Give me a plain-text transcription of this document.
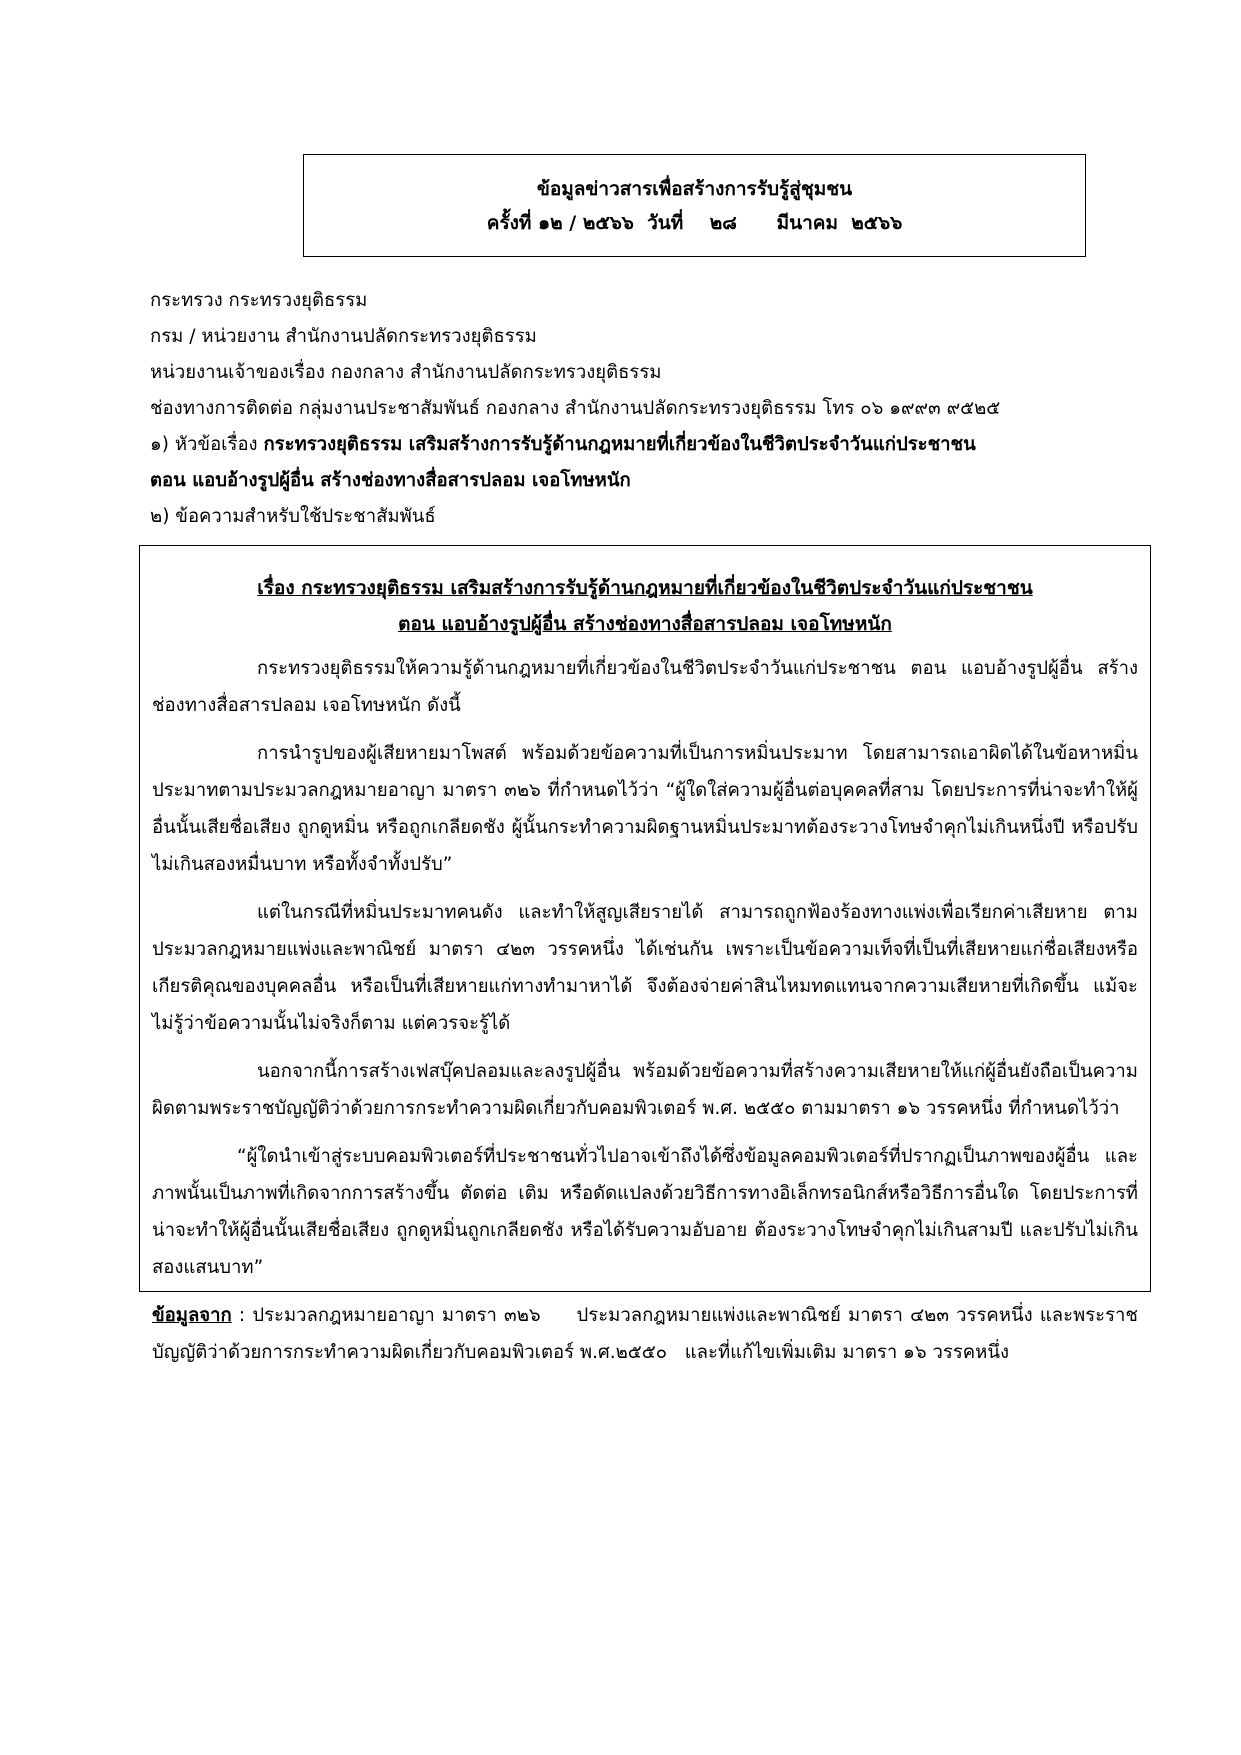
ข้อมูลข่าวสารเพื่อสร้างการรับรู้สู่ชุมชน
ครั้งที่ ๑๒ / ๒๕๖๖  วันที่    ๒๘      มีนาคม  ๒๕๖๖
กระทรวง กระทรวงยุติธรรม
กรม / หน่วยงาน สำนักงานปลัดกระทรวงยุติธรรม
หน่วยงานเจ้าของเรื่อง กองกลาง สำนักงานปลัดกระทรวงยุติธรรม
ช่องทางการติดต่อ กลุ่มงานประชาสัมพันธ์ กองกลาง สำนักงานปลัดกระทรวงยุติธรรม โทร ๐๖ ๑๙๙๓ ๙๕๒๕
๑) หัวข้อเรื่อง กระทรวงยุติธรรม เสริมสร้างการรับรู้ด้านกฎหมายที่เกี่ยวข้องในชีวิตประจำวันแก่ประชาชน
ตอน แอบอ้างรูปผู้อื่น สร้างช่องทางสื่อสารปลอม เจอโทษหนัก
๒) ข้อความสำหรับใช้ประชาสัมพันธ์
เรื่อง กระทรวงยุติธรรม เสริมสร้างการรับรู้ด้านกฎหมายที่เกี่ยวข้องในชีวิตประจำวันแก่ประชาชน
ตอน แอบอ้างรูปผู้อื่น สร้างช่องทางสื่อสารปลอม เจอโทษหนัก

กระทรวงยุติธรรมให้ความรู้ด้านกฎหมายที่เกี่ยวข้องในชีวิตประจำวันแก่ประชาชน ตอน แอบอ้างรูปผู้อื่น สร้างช่องทางสื่อสารปลอม เจอโทษหนัก ดังนี้

การนำรูปของผู้เสียหายมาโพสต์ พร้อมด้วยข้อความที่เป็นการหมิ่นประมาท โดยสามารถเอาผิดได้ในข้อหาหมิ่นประมาทตามประมวลกฎหมายอาญา มาตรา ๓๒๖ ที่กำหนดไว้ว่า “ผู้ใดใส่ความผู้อื่นต่อบุคคลที่สาม โดยประการที่น่าจะทำให้ผู้อื่นนั้นเสียชื่อเสียง ถูกดูหมิ่น หรือถูกเกลียดชัง ผู้นั้นกระทำความผิดฐานหมิ่นประมาทต้องระวางโทษจำคุกไม่เกินหนึ่งปี หรือปรับไม่เกินสองหมื่นบาท หรือทั้งจำทั้งปรับ”

แต่ในกรณีที่หมิ่นประมาทคนดัง และทำให้สูญเสียรายได้ สามารถถูกฟ้องร้องทางแพ่งเพื่อเรียกค่าเสียหาย ตามประมวลกฎหมายแพ่งและพาณิชย์ มาตรา ๔๒๓ วรรคหนึ่ง ได้เช่นกัน เพราะเป็นข้อความเท็จที่เป็นที่เสียหายแก่ชื่อเสียงหรือเกียรติคุณของบุคคลอื่น หรือเป็นที่เสียหายแก่ทางทำมาหาได้ จึงต้องจ่ายค่าสินไหมทดแทนจากความเสียหายที่เกิดขึ้น แม้จะไม่รู้ว่าข้อความนั้นไม่จริงก็ตาม แต่ควรจะรู้ได้

นอกจากนี้การสร้างเฟสบุ๊คปลอมและลงรูปผู้อื่น พร้อมด้วยข้อความที่สร้างความเสียหายให้แก่ผู้อื่นยังถือเป็นความผิดตามพระราชบัญญัติว่าด้วยการกระทำความผิดเกี่ยวกับคอมพิวเตอร์ พ.ศ. ๒๕๕๐ ตามมาตรา ๑๖ วรรคหนึ่ง ที่กำหนดไว้ว่า

“ผู้ใดนำเข้าสู่ระบบคอมพิวเตอร์ที่ประชาชนทั่วไปอาจเข้าถึงได้ซึ่งข้อมูลคอมพิวเตอร์ที่ปรากฏเป็นภาพของผู้อื่น และภาพนั้นเป็นภาพที่เกิดจากการสร้างขึ้น ตัดต่อ เติม หรือดัดแปลงด้วยวิธีการทางอิเล็กทรอนิกส์หรือวิธีการอื่นใด โดยประการที่น่าจะทำให้ผู้อื่นนั้นเสียชื่อเสียง ถูกดูหมิ่นถูกเกลียดชัง หรือได้รับความอับอาย ต้องระวางโทษจำคุกไม่เกินสามปี และปรับไม่เกินสองแสนบาท”

ข้อมูลจาก : ประมวลกฎหมายอาญา มาตรา ๓๒๖     ประมวลกฎหมายแพ่งและพาณิชย์ มาตรา ๔๒๓ วรรคหนึ่ง และพระราชบัญญัติว่าด้วยการกระทำความผิดเกี่ยวกับคอมพิวเตอร์ พ.ศ.๒๕๕๐   และที่แก้ไขเพิ่มเติม มาตรา ๑๖ วรรคหนึ่ง
